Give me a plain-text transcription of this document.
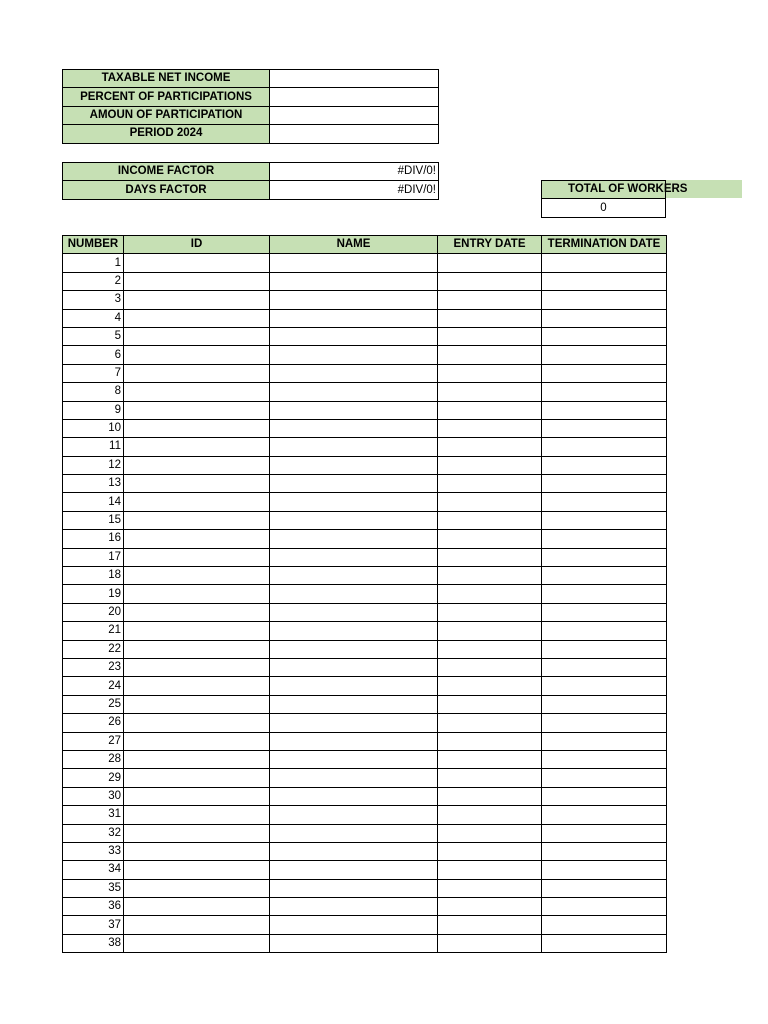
TAXABLE NET INCOME	
PERCENT OF PARTICIPATIONS	
AMOUN OF PARTICIPATION	
PERIOD 2024	
INCOME FACTOR	#DIV/0!
DAYS FACTOR	#DIV/0!	TOTAL OF WORKERS
0
NUMBER	ID	NAME	ENTRY DATE	TERMINATION DATE
1				
2				
3				
4				
5				
6				
7				
8				
9				
10				
11				
12				
13				
14				
15				
16				
17				
18				
19				
20				
21				
22				
23				
24				
25				
26				
27				
28				
29				
30				
31				
32				
33				
34				
35				
36				
37				
38				
